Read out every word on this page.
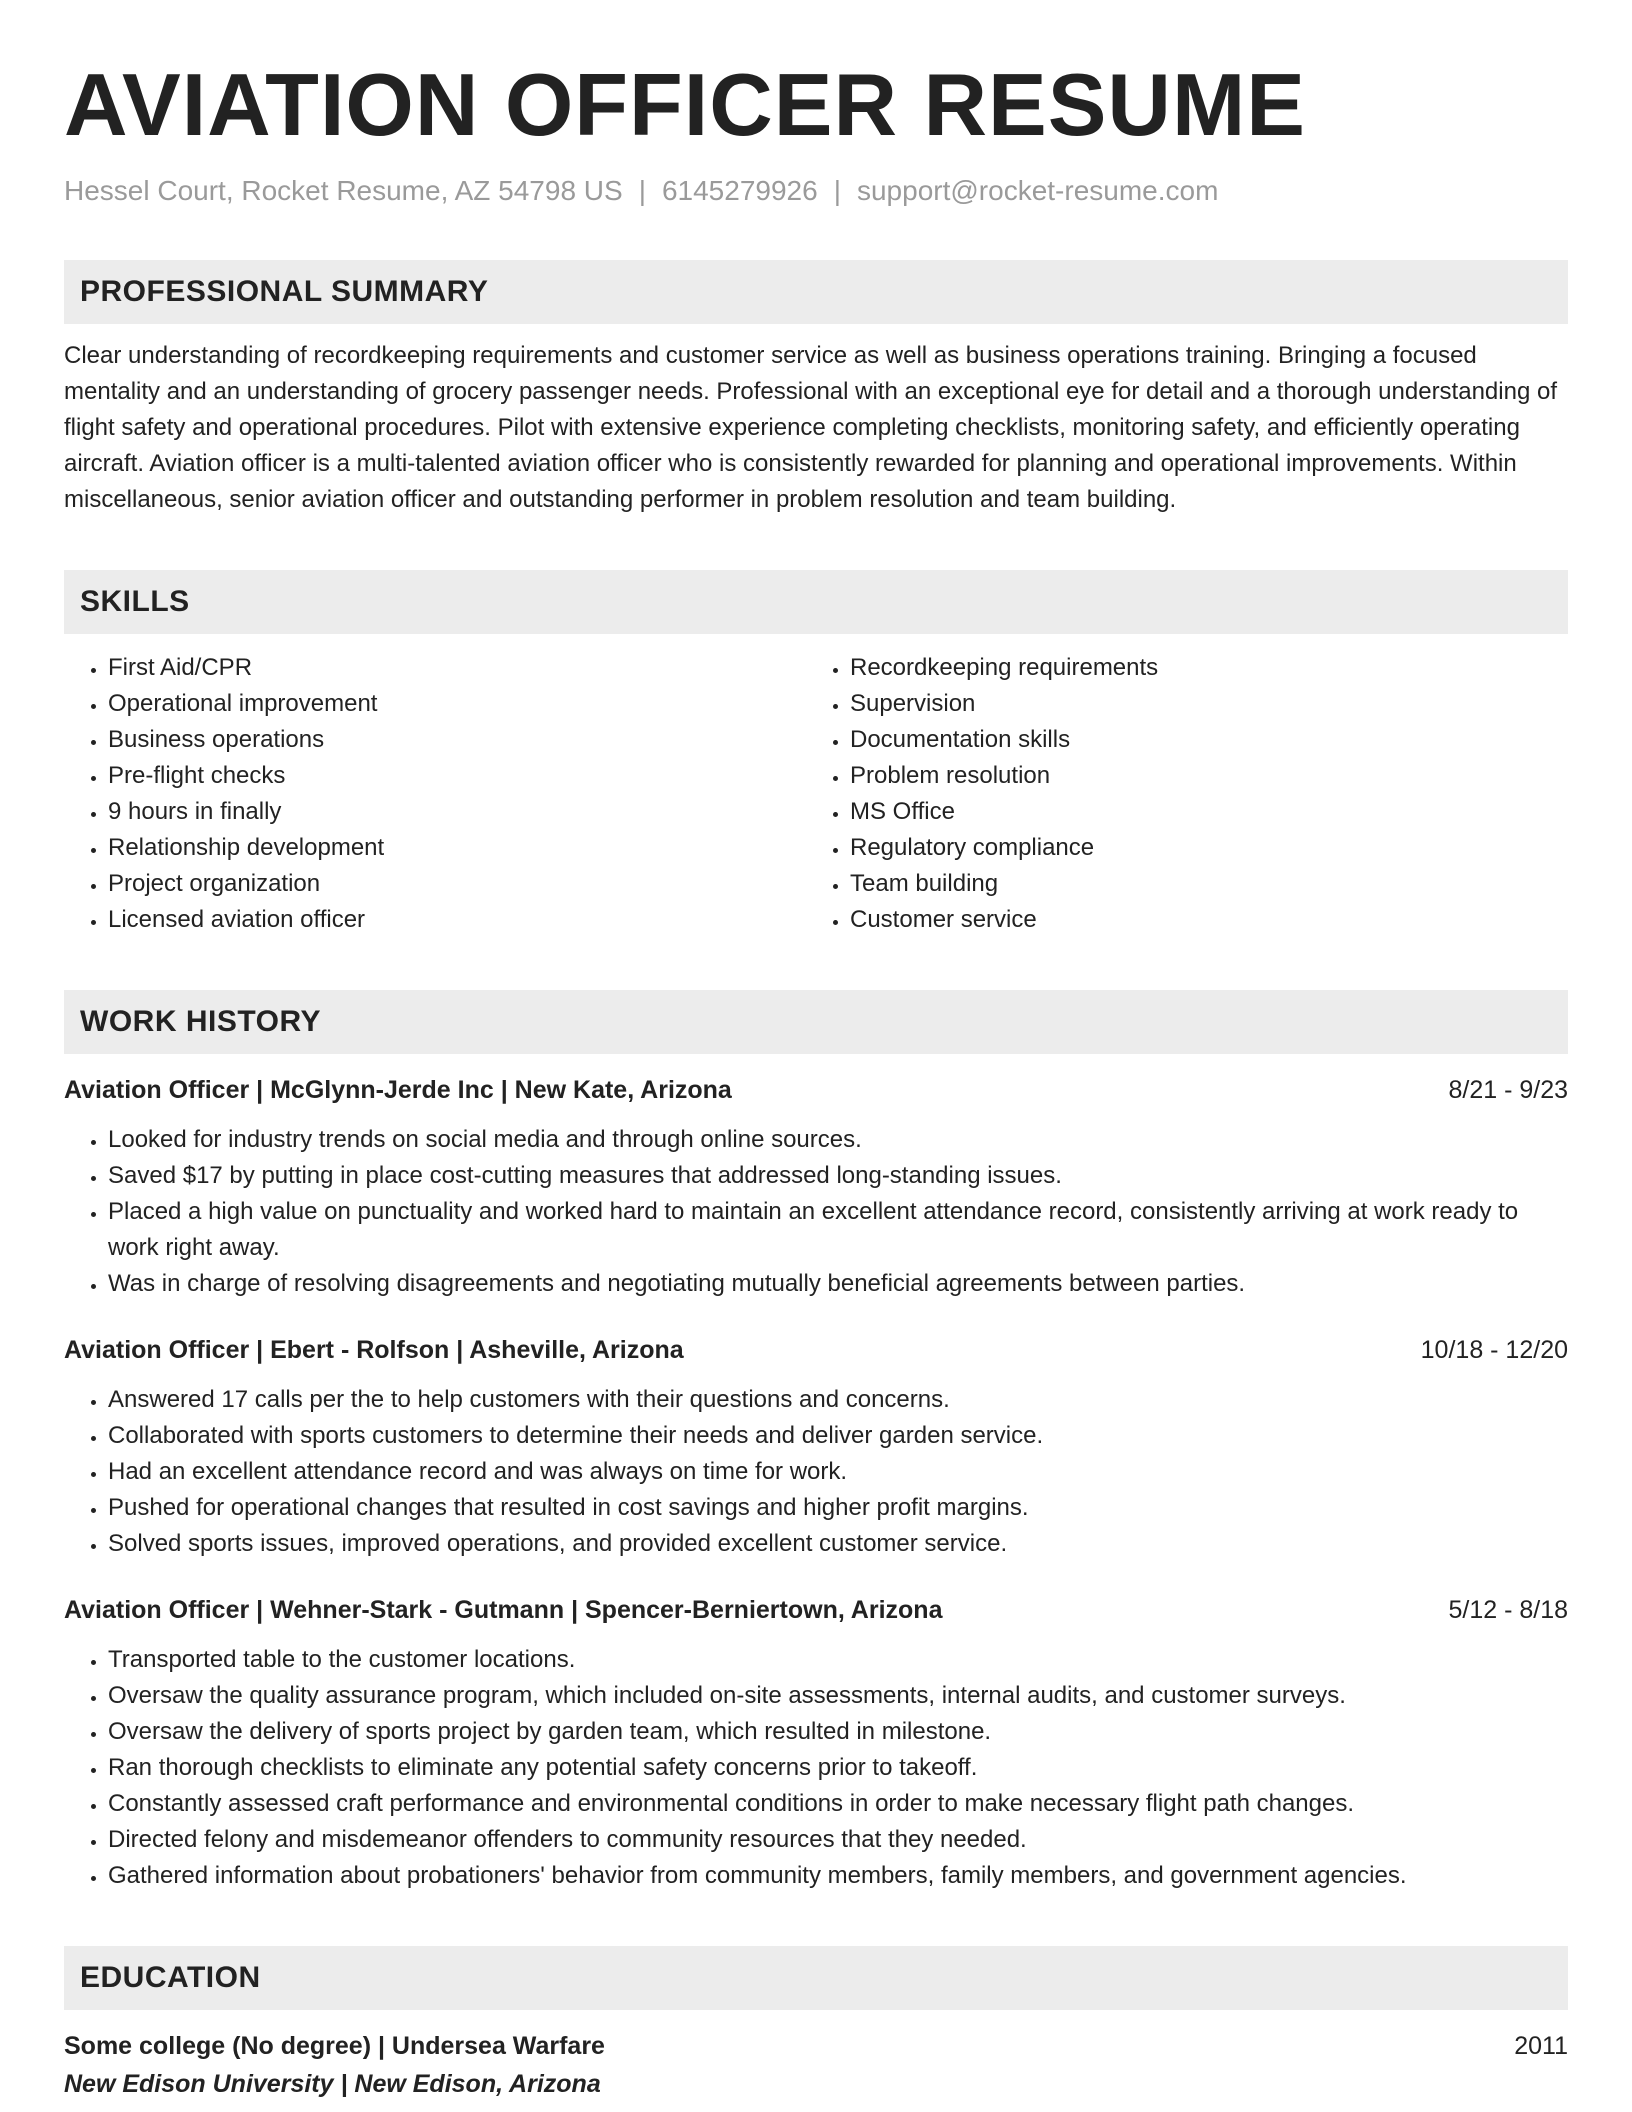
AVIATION OFFICER RESUME
Hessel Court, Rocket Resume, AZ 54798 US | 6145279926 | support@rocket-resume.com
PROFESSIONAL SUMMARY
Clear understanding of recordkeeping requirements and customer service as well as business operations training. Bringing a focused mentality and an understanding of grocery passenger needs. Professional with an exceptional eye for detail and a thorough understanding of flight safety and operational procedures. Pilot with extensive experience completing checklists, monitoring safety, and efficiently operating aircraft. Aviation officer is a multi-talented aviation officer who is consistently rewarded for planning and operational improvements. Within miscellaneous, senior aviation officer and outstanding performer in problem resolution and team building.
SKILLS
• First Aid/CPR
• Operational improvement
• Business operations
• Pre-flight checks
• 9 hours in finally
• Relationship development
• Project organization
• Licensed aviation officer
• Recordkeeping requirements
• Supervision
• Documentation skills
• Problem resolution
• MS Office
• Regulatory compliance
• Team building
• Customer service
WORK HISTORY
Aviation Officer | McGlynn-Jerde Inc | New Kate, Arizona	8/21 - 9/23
• Looked for industry trends on social media and through online sources.
• Saved $17 by putting in place cost-cutting measures that addressed long-standing issues.
• Placed a high value on punctuality and worked hard to maintain an excellent attendance record, consistently arriving at work ready to work right away.
• Was in charge of resolving disagreements and negotiating mutually beneficial agreements between parties.
Aviation Officer | Ebert - Rolfson | Asheville, Arizona	10/18 - 12/20
• Answered 17 calls per the to help customers with their questions and concerns.
• Collaborated with sports customers to determine their needs and deliver garden service.
• Had an excellent attendance record and was always on time for work.
• Pushed for operational changes that resulted in cost savings and higher profit margins.
• Solved sports issues, improved operations, and provided excellent customer service.
Aviation Officer | Wehner-Stark - Gutmann | Spencer-Berniertown, Arizona	5/12 - 8/18
• Transported table to the customer locations.
• Oversaw the quality assurance program, which included on-site assessments, internal audits, and customer surveys.
• Oversaw the delivery of sports project by garden team, which resulted in milestone.
• Ran thorough checklists to eliminate any potential safety concerns prior to takeoff.
• Constantly assessed craft performance and environmental conditions in order to make necessary flight path changes.
• Directed felony and misdemeanor offenders to community resources that they needed.
• Gathered information about probationers' behavior from community members, family members, and government agencies.
EDUCATION
Some college (No degree) | Undersea Warfare	2011
New Edison University | New Edison, Arizona
